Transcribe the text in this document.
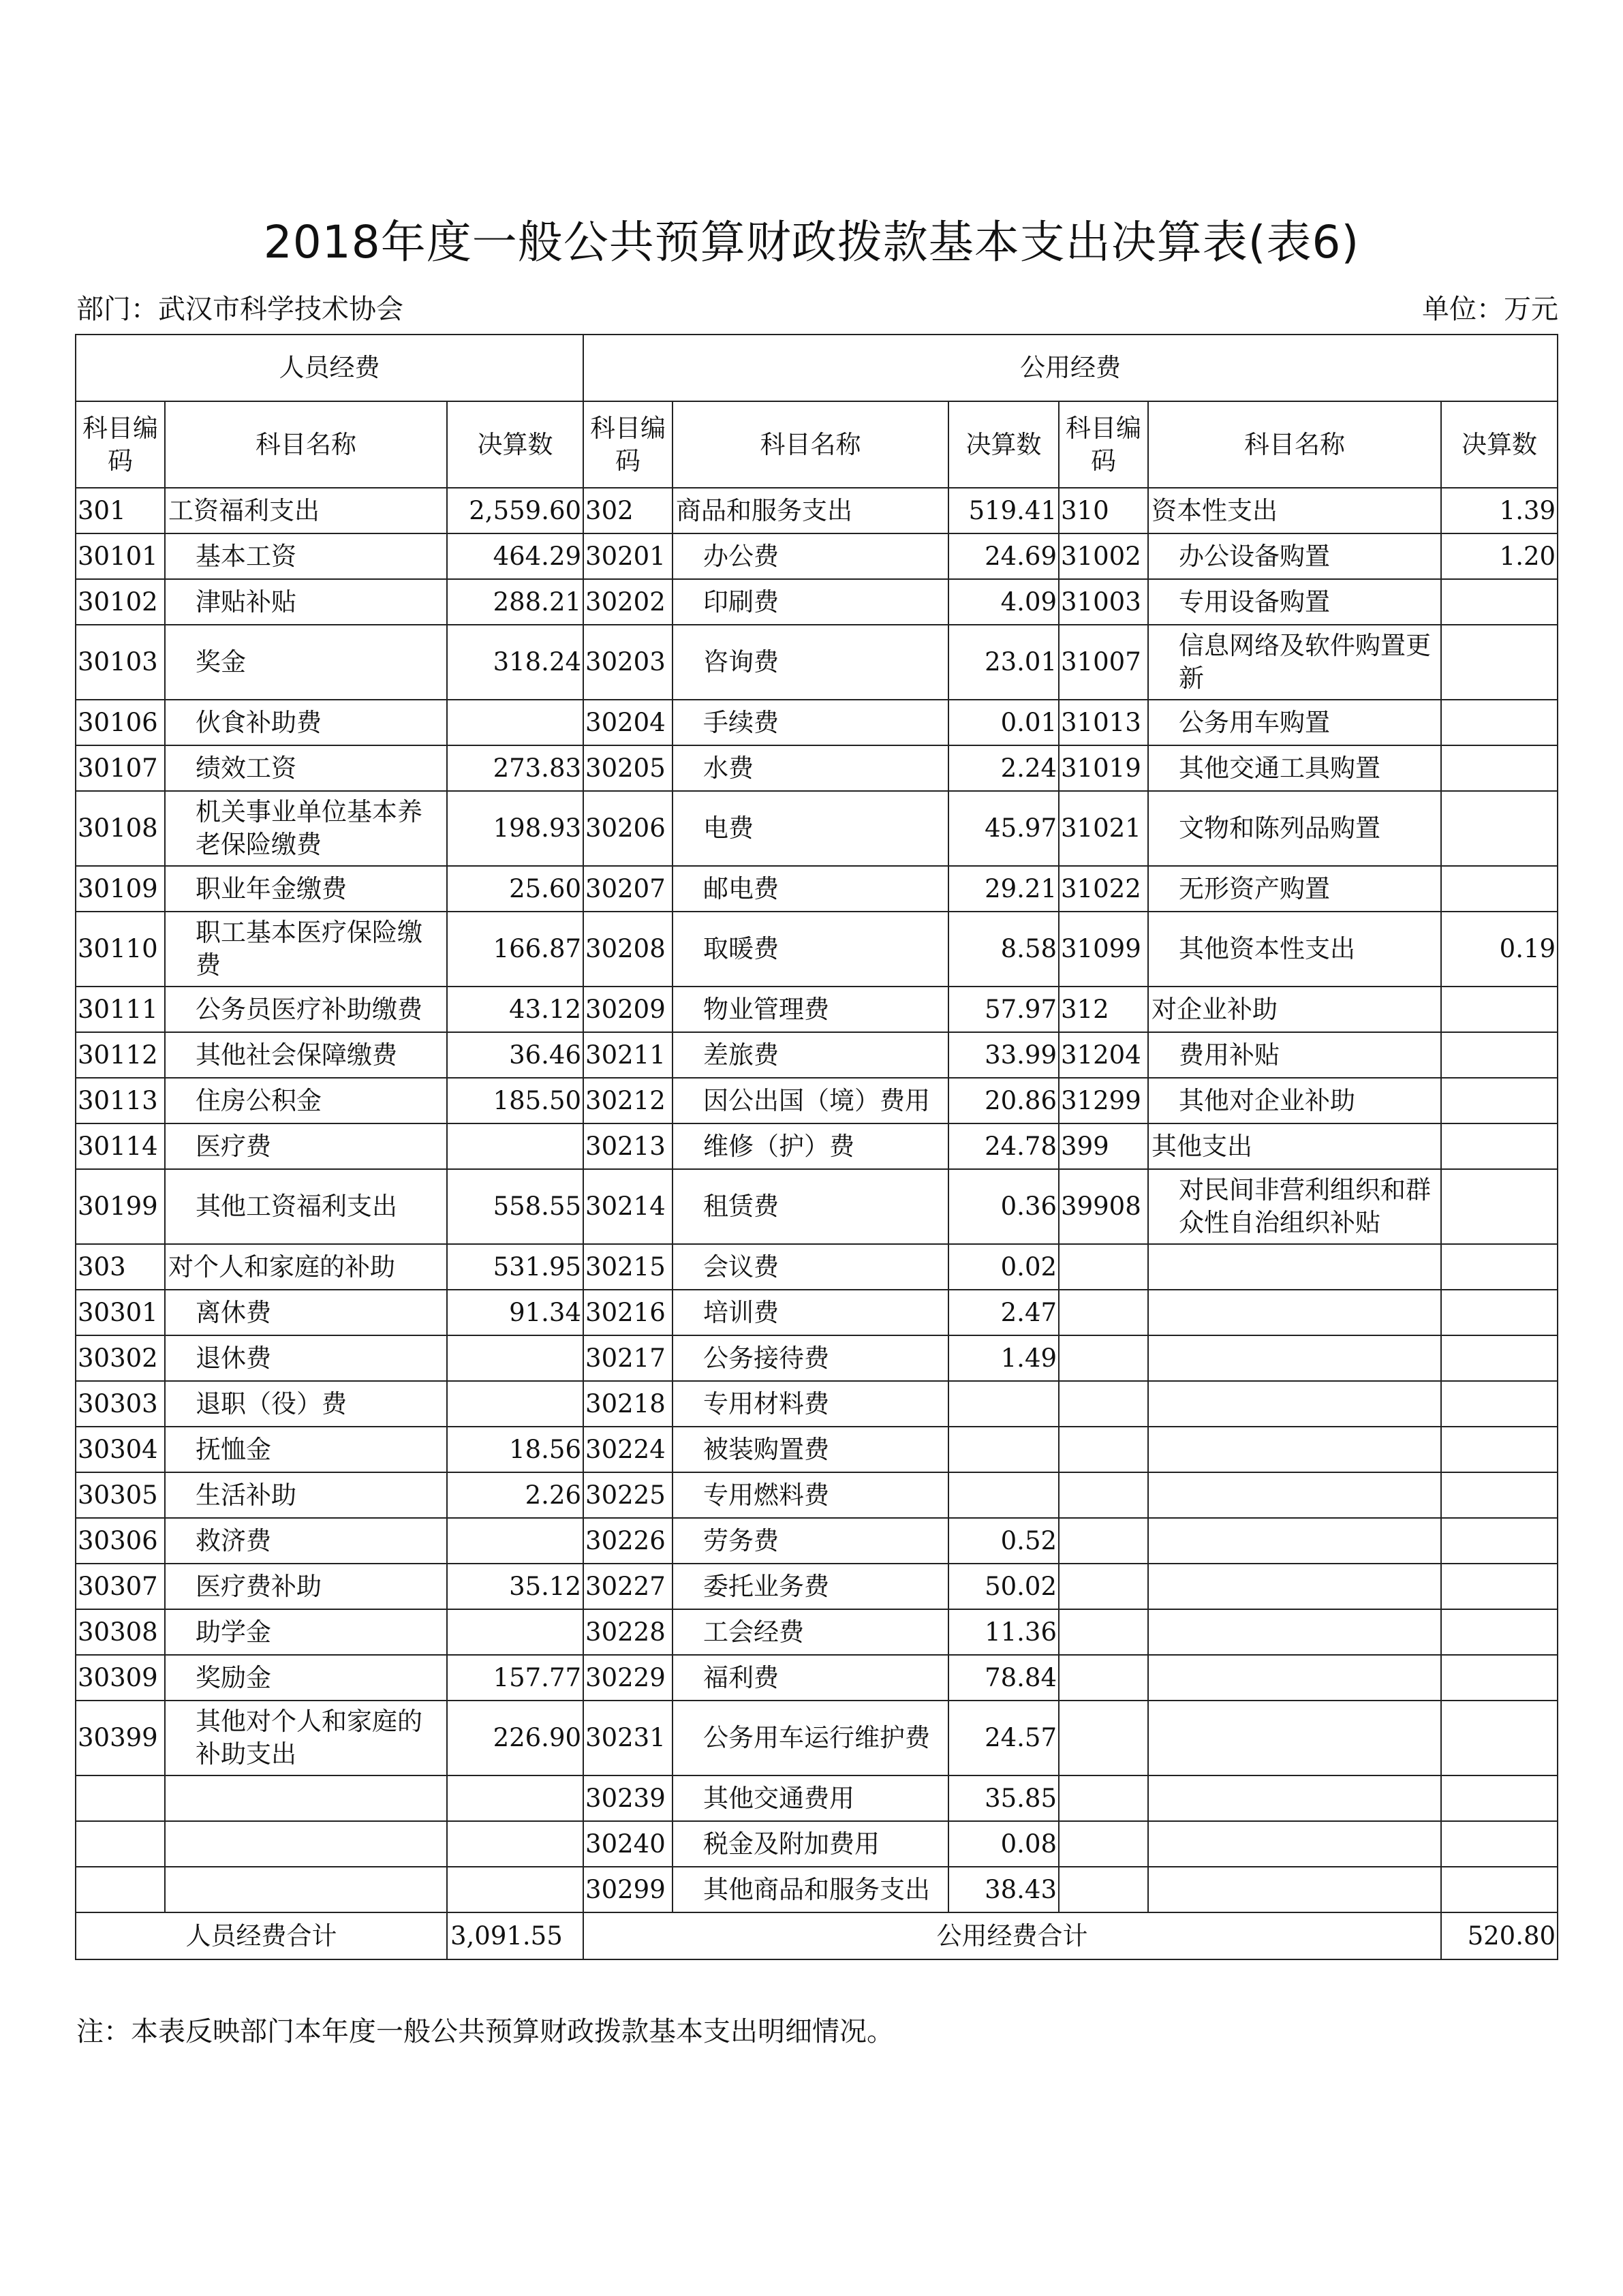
2018年度一般公共预算财政拨款基本支出决算表(表6)
部门：武汉市科学技术协会	单位：万元
人员经费			公用经费					
科目编码	科目名称	决算数	科目编码	科目名称	决算数	科目编码	科目名称	决算数
301	工资福利支出	2,559.60	302	商品和服务支出	519.41	310	资本性支出	1.39
30101	基本工资	464.29	30201	办公费	24.69	31002	办公设备购置	1.20
30102	津贴补贴	288.21	30202	印刷费	4.09	31003	专用设备购置	
30103	奖金	318.24	30203	咨询费	23.01	31007	信息网络及软件购置更新	
30106	伙食补助费		30204	手续费	0.01	31013	公务用车购置	
30107	绩效工资	273.83	30205	水费	2.24	31019	其他交通工具购置	
30108	机关事业单位基本养老保险缴费	198.93	30206	电费	45.97	31021	文物和陈列品购置	
30109	职业年金缴费	25.60	30207	邮电费	29.21	31022	无形资产购置	
30110	职工基本医疗保险缴费	166.87	30208	取暖费	8.58	31099	其他资本性支出	0.19
30111	公务员医疗补助缴费	43.12	30209	物业管理费	57.97	312	对企业补助	
30112	其他社会保障缴费	36.46	30211	差旅费	33.99	31204	费用补贴	
30113	住房公积金	185.50	30212	因公出国（境）费用	20.86	31299	其他对企业补助	
30114	医疗费		30213	维修（护）费	24.78	399	其他支出	
30199	其他工资福利支出	558.55	30214	租赁费	0.36	39908	对民间非营利组织和群众性自治组织补贴	
303	对个人和家庭的补助	531.95	30215	会议费	0.02			
30301	离休费	91.34	30216	培训费	2.47			
30302	退休费		30217	公务接待费	1.49			
30303	退职（役）费		30218	专用材料费				
30304	抚恤金	18.56	30224	被装购置费				
30305	生活补助	2.26	30225	专用燃料费				
30306	救济费		30226	劳务费	0.52			
30307	医疗费补助	35.12	30227	委托业务费	50.02			
30308	助学金		30228	工会经费	11.36			
30309	奖励金	157.77	30229	福利费	78.84			
30399	其他对个人和家庭的补助支出	226.90	30231	公务用车运行维护费	24.57			
			30239	其他交通费用	35.85			
			30240	税金及附加费用	0.08			
			30299	其他商品和服务支出	38.43			
人员经费合计		3,091.55	公用经费合计					520.80
注：本表反映部门本年度一般公共预算财政拨款基本支出明细情况。
